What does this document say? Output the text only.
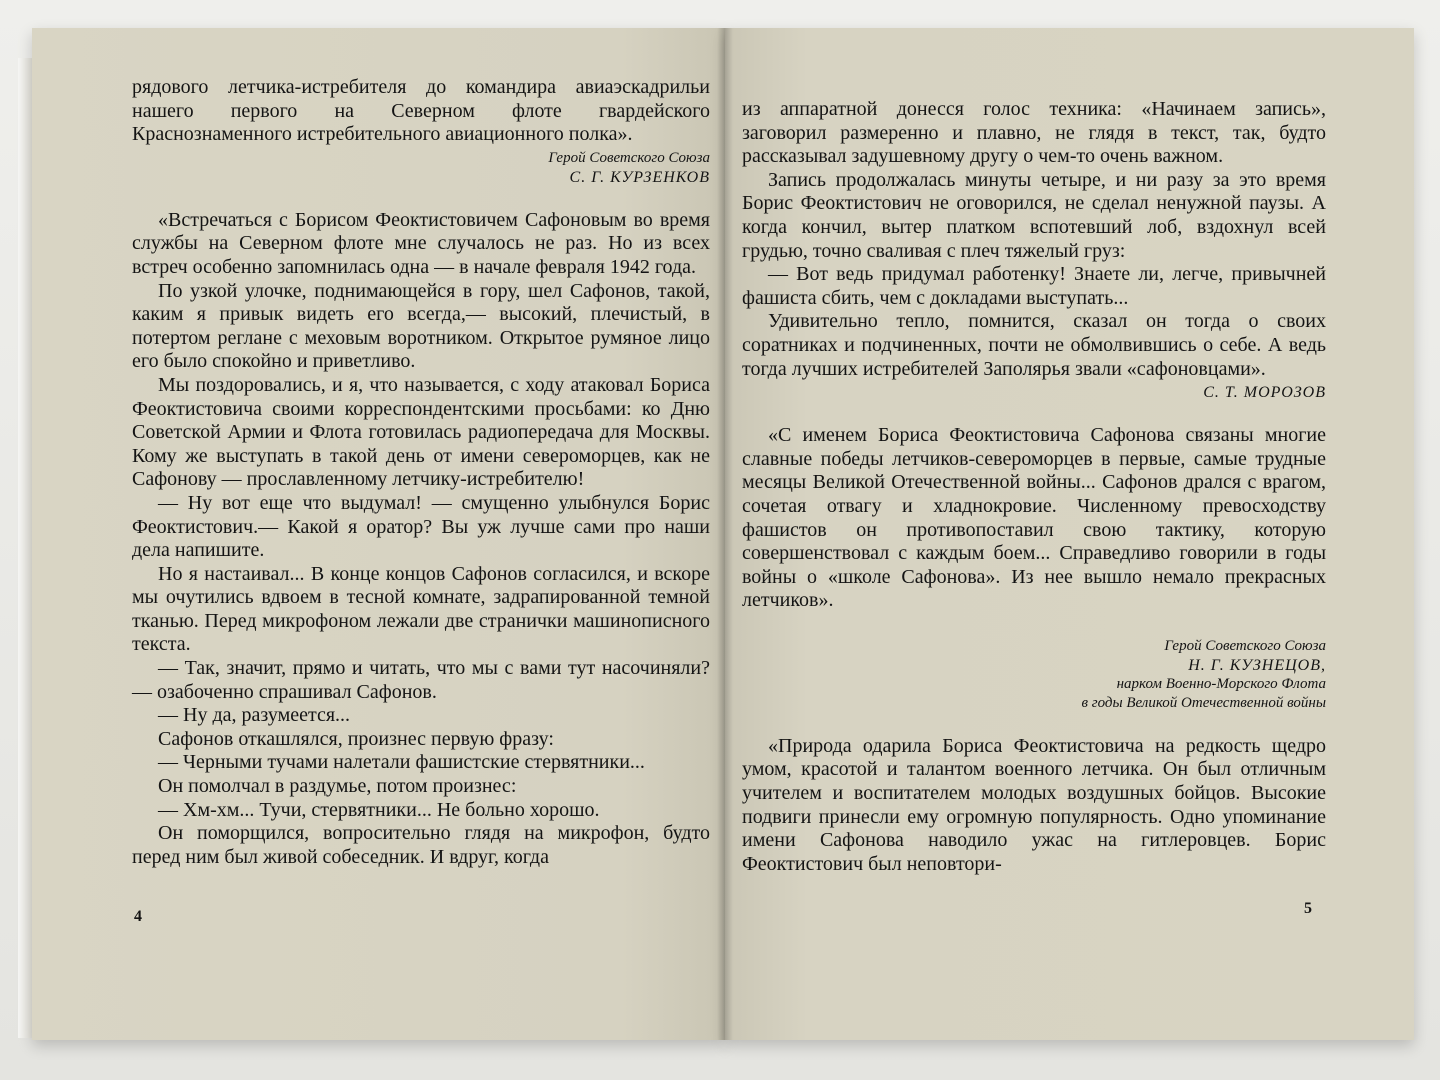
рядового летчика-истребителя до командира авиаэскадрильи нашего первого на Северном флоте гвардейского Краснознаменного истребительного авиационного полка».

Герой Советского Союза
С. Г. КУРЗЕНКОВ

«Встречаться с Борисом Феоктистовичем Сафоновым во время службы на Северном флоте мне случалось не раз. Но из всех встреч особенно запомнилась одна — в начале февраля 1942 года.

По узкой улочке, поднимающейся в гору, шел Сафонов, такой, каким я привык видеть его всегда,— высокий, плечистый, в потертом реглане с меховым воротником. Открытое румяное лицо его было спокойно и приветливо.

Мы поздоровались, и я, что называется, с ходу атаковал Бориса Феоктистовича своими корреспондентскими просьбами: ко Дню Советской Армии и Флота готовилась радиопередача для Москвы. Кому же выступать в такой день от имени североморцев, как не Сафонову — прославленному летчику-истребителю!

— Ну вот еще что выдумал! — смущенно улыбнулся Борис Феоктистович.— Какой я оратор? Вы уж лучше сами про наши дела напишите.

Но я настаивал... В конце концов Сафонов согласился, и вскоре мы очутились вдвоем в тесной комнате, задрапированной темной тканью. Перед микрофоном лежали две странички машинописного текста.

— Так, значит, прямо и читать, что мы с вами тут насочиняли? — озабоченно спрашивал Сафонов.

— Ну да, разумеется...

Сафонов откашлялся, произнес первую фразу:

— Черными тучами налетали фашистские стервятники...

Он помолчал в раздумье, потом произнес:

— Хм-хм... Тучи, стервятники... Не больно хорошо.

Он поморщился, вопросительно глядя на микрофон, будто перед ним был живой собеседник. И вдруг, когда

4

из аппаратной донесся голос техника: «Начинаем запись», заговорил размеренно и плавно, не глядя в текст, так, будто рассказывал задушевному другу о чем-то очень важном.

Запись продолжалась минуты четыре, и ни разу за это время Борис Феоктистович не оговорился, не сделал ненужной паузы. А когда кончил, вытер платком вспотевший лоб, вздохнул всей грудью, точно сваливая с плеч тяжелый груз:

— Вот ведь придумал работенку! Знаете ли, легче, привычней фашиста сбить, чем с докладами выступать...

Удивительно тепло, помнится, сказал он тогда о своих соратниках и подчиненных, почти не обмолвившись о себе. А ведь тогда лучших истребителей Заполярья звали «сафоновцами».

С. Т. МОРОЗОВ

«С именем Бориса Феоктистовича Сафонова связаны многие славные победы летчиков-североморцев в первые, самые трудные месяцы Великой Отечественной войны... Сафонов дрался с врагом, сочетая отвагу и хладнокровие. Численному превосходству фашистов он противопоставил свою тактику, которую совершенствовал с каждым боем... Справедливо говорили в годы войны о «школе Сафонова». Из нее вышло немало прекрасных летчиков».

Герой Советского Союза
Н. Г. КУЗНЕЦОВ,
нарком Военно-Морского Флота
в годы Великой Отечественной войны

«Природа одарила Бориса Феоктистовича на редкость щедро умом, красотой и талантом военного летчика. Он был отличным учителем и воспитателем молодых воздушных бойцов. Высокие подвиги принесли ему огромную популярность. Одно упоминание имени Сафонова наводило ужас на гитлеровцев. Борис Феоктистович был неповтори-

5
